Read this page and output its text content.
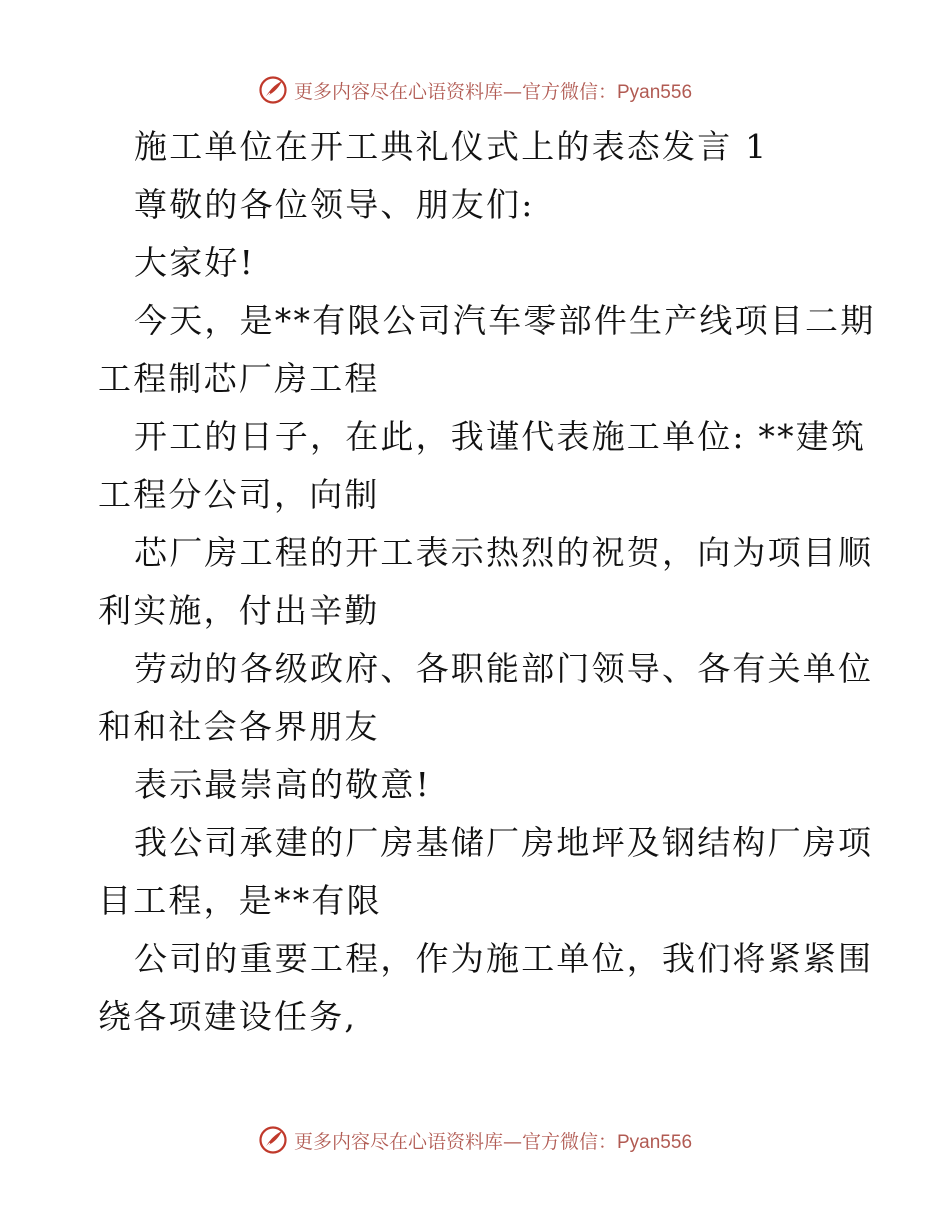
更多内容尽在心语资料库—官方微信：Pyan556
施工单位在开工典礼仪式上的表态发言 1
尊敬的各位领导、朋友们:
大家好!
今天，是**有限公司汽车零部件生产线项目二期
工程制芯厂房工程
开工的日子，在此，我谨代表施工单位: **建筑
工程分公司，向制
芯厂房工程的开工表示热烈的祝贺，向为项目顺
利实施，付出辛勤
劳动的各级政府、各职能部门领导、各有关单位
和和社会各界朋友
表示最崇高的敬意!
我公司承建的厂房基储厂房地坪及钢结构厂房项
目工程，是**有限
公司的重要工程，作为施工单位，我们将紧紧围
绕各项建设任务,
更多内容尽在心语资料库—官方微信：Pyan556
